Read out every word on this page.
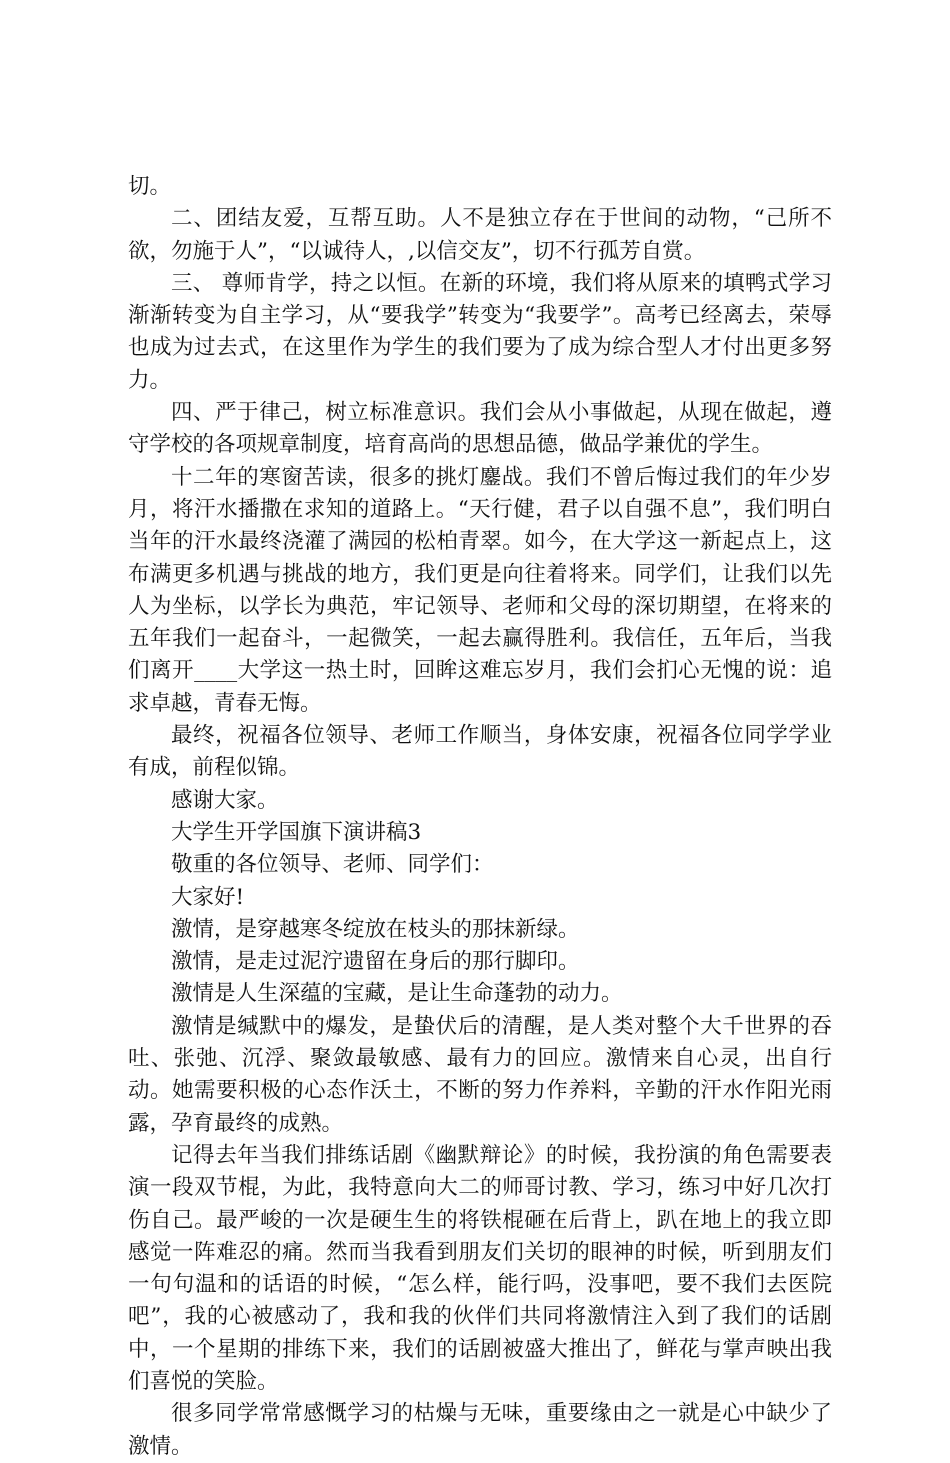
切。

二、团结友爱，互帮互助。人不是独立存在于世间的动物，“己所不欲，勿施于人”，“以诚待人，,以信交友”，切不行孤芳自赏。

三、 尊师肯学，持之以恒。在新的环境，我们将从原来的填鸭式学习渐渐转变为自主学习，从“要我学”转变为“我要学”。高考已经离去，荣辱也成为过去式，在这里作为学生的我们要为了成为综合型人才付出更多努力。

四、严于律己，树立标准意识。我们会从小事做起，从现在做起，遵守学校的各项规章制度，培育高尚的思想品德，做品学兼优的学生。

十二年的寒窗苦读，很多的挑灯鏖战。我们不曾后悔过我们的年少岁月，将汗水播撒在求知的道路上。“天行健，君子以自强不息”，我们明白当年的汗水最终浇灌了满园的松柏青翠。如今，在大学这一新起点上，这布满更多机遇与挑战的地方，我们更是向往着将来。同学们，让我们以先人为坐标，以学长为典范，牢记领导、老师和父母的深切期望，在将来的五年我们一起奋斗，一起微笑，一起去赢得胜利。我信任，五年后，当我们离开____大学这一热土时，回眸这难忘岁月，我们会扪心无愧的说：追求卓越，青春无悔。

最终，祝福各位领导、老师工作顺当，身体安康，祝福各位同学学业有成，前程似锦。

感谢大家。

大学生开学国旗下演讲稿3

敬重的各位领导、老师、同学们：

大家好!

激情，是穿越寒冬绽放在枝头的那抹新绿。

激情，是走过泥泞遗留在身后的那行脚印。

激情是人生深蕴的宝藏，是让生命蓬勃的动力。

激情是缄默中的爆发，是蛰伏后的清醒，是人类对整个大千世界的吞吐、张弛、沉浮、聚敛最敏感、最有力的回应。激情来自心灵，出自行动。她需要积极的心态作沃土，不断的努力作养料，辛勤的汗水作阳光雨露，孕育最终的成熟。

记得去年当我们排练话剧《幽默辩论》的时候，我扮演的角色需要表演一段双节棍，为此，我特意向大二的师哥讨教、学习，练习中好几次打伤自己。最严峻的一次是硬生生的将铁棍砸在后背上，趴在地上的我立即感觉一阵难忍的痛。然而当我看到朋友们关切的眼神的时候，听到朋友们一句句温和的话语的时候，“怎么样，能行吗，没事吧，要不我们去医院吧”，我的心被感动了，我和我的伙伴们共同将激情注入到了我们的话剧中，一个星期的排练下来，我们的话剧被盛大推出了，鲜花与掌声映出我们喜悦的笑脸。

很多同学常常感慨学习的枯燥与无味，重要缘由之一就是心中缺少了激情。
